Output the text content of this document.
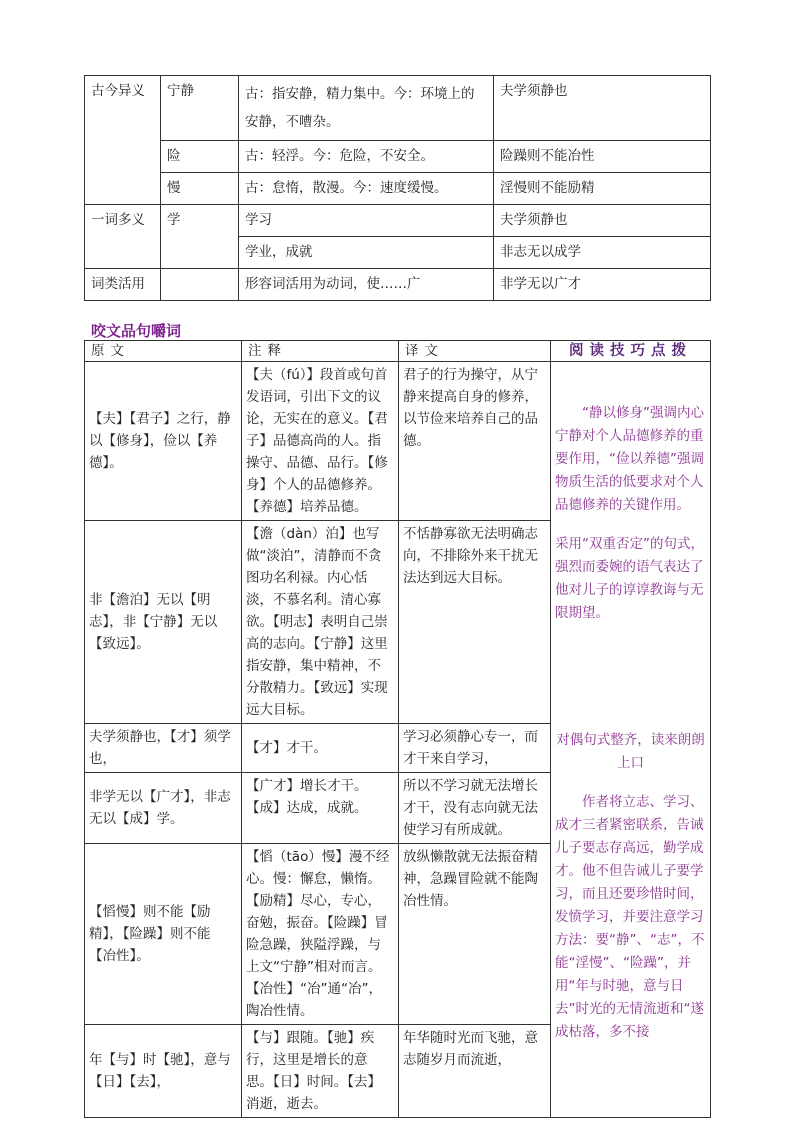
古今异义	宁静	古：指安静，精力集中。今：环境上的安静，不嘈杂。	夫学须静也
	险	古：轻浮。今：危险，不安全。	险躁则不能冶性
	慢	古：怠惰，散漫。今：速度缓慢。	淫慢则不能励精
一词多义	学	学习	夫学须静也
		学业，成就	非志无以成学
词类活用		形容词活用为动词，使……广	非学无以广才
咬文品句嚼词
原文	注释	译文	阅读技巧点拨
【夫】【君子】之行，静以【修身】，俭以【养德】。	【夫（fú）】段首或句首发语词，引出下文的议论，无实在的意义。【君子】品德高尚的人。指操守、品德、品行。【修身】个人的品德修养。【养德】培养品德。	君子的行为操守，从宁静来提高自身的修养，以节俭来培养自己的品德。	“静以修身”强调内心宁静对个人品德修养的重要作用，“俭以养德”强调物质生活的低要求对个人品德修养的关键作用。
采用“双重否定”的句式，强烈而委婉的语气表达了他对儿子的谆谆教诲与无限期望。
对偶句式整齐，读来朗朗上口
作者将立志、学习、成才三者紧密联系，告诫儿子要志存高远，勤学成才。他不但告诫儿子要学习，而且还要珍惜时间，发愤学习，并要注意学习方法：要“静”、“志”，不能“淫慢”、“险躁”，并用“年与时驰，意与日去”时光的无情流逝和“遂成枯落，多不接

非【澹泊】无以【明志】，非【宁静】无以【致远】。	【澹（dàn）泊】也写做“淡泊”，清静而不贪图功名利禄。内心恬淡，不慕名利。清心寡欲。【明志】表明自己崇高的志向。【宁静】这里指安静，集中精神，不分散精力。【致远】实现远大目标。	不恬静寡欲无法明确志向，不排除外来干扰无法达到远大目标。	
夫学须静也，【才】须学也，	【才】才干。	学习必须静心专一，而才干来自学习，	
非学无以【广才】，非志无以【成】学。	【广才】增长才干。【成】达成，成就。	所以不学习就无法增长才干，没有志向就无法使学习有所成就。	
【慆慢】则不能【励精】，【险躁】则不能【冶性】。	【慆（tāo）慢】漫不经心。慢：懈怠，懒惰。【励精】尽心，专心，奋勉，振奋。【险躁】冒险急躁，狭隘浮躁，与上文“宁静”相对而言。【冶性】“冶”通“冶”，陶冶性情。	放纵懒散就无法振奋精神，急躁冒险就不能陶冶性情。	
年【与】时【驰】，意与【日】【去】，	【与】跟随。【驰】疾行，这里是增长的意思。【日】时间。【去】消逝，逝去。	年华随时光而飞驰，意志随岁月而流逝，	
